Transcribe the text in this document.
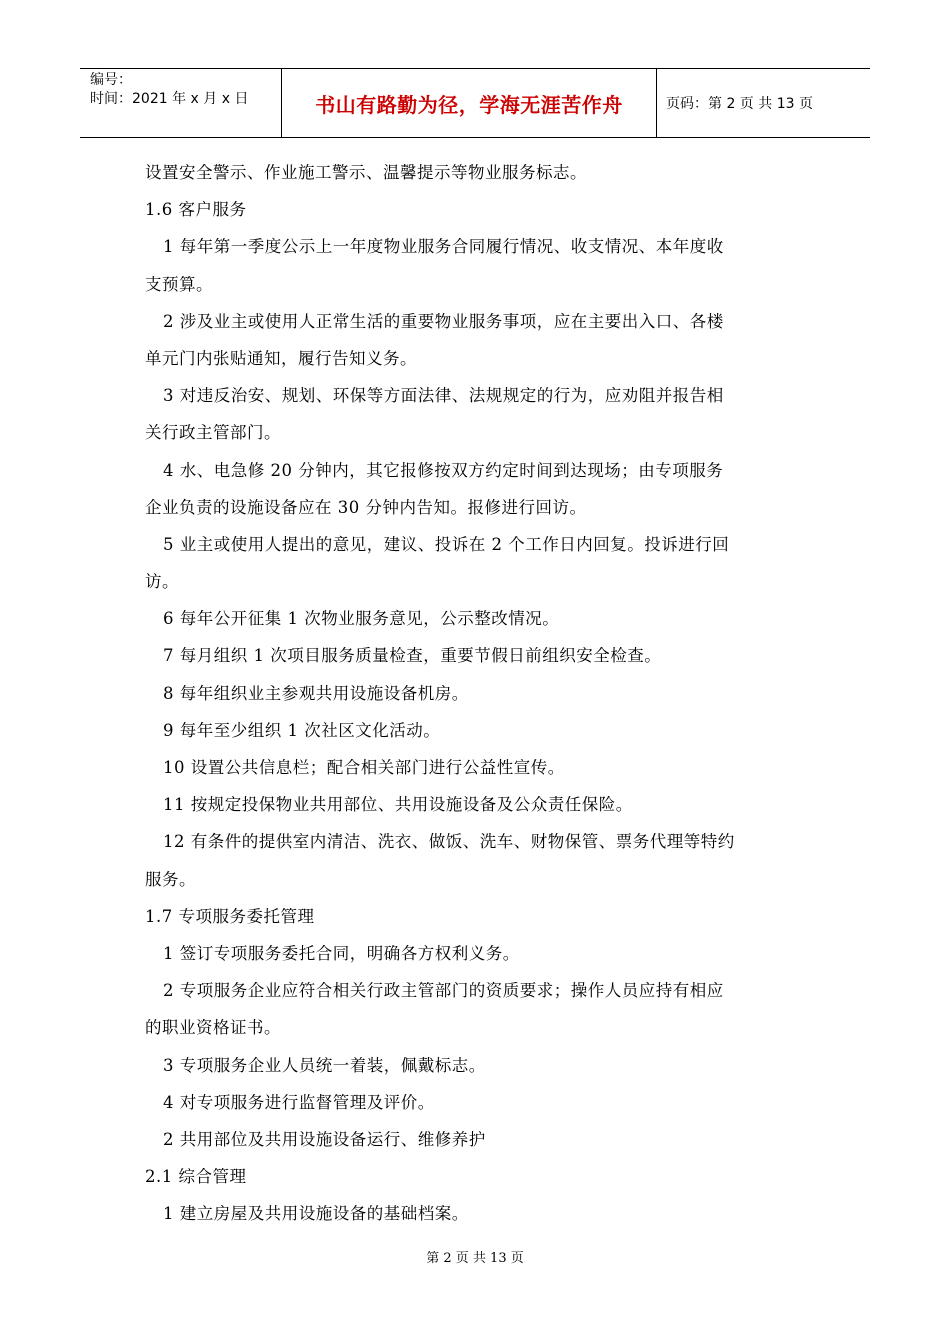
编号：
时间：2021 年 x 月 x 日	书山有路勤为径，学海无涯苦作舟	页码：第 2 页 共 13 页
设置安全警示、作业施工警示、温馨提示等物业服务标志。
1.6 客户服务
1 每年第一季度公示上一年度物业服务合同履行情况、收支情况、本年度收
支预算。
2 涉及业主或使用人正常生活的重要物业服务事项，应在主要出入口、各楼
单元门内张贴通知，履行告知义务。
3 对违反治安、规划、环保等方面法律、法规规定的行为，应劝阻并报告相
关行政主管部门。
4 水、电急修 20 分钟内，其它报修按双方约定时间到达现场；由专项服务
企业负责的设施设备应在 30 分钟内告知。报修进行回访。
5 业主或使用人提出的意见，建议、投诉在 2 个工作日内回复。投诉进行回
访。
6 每年公开征集 1 次物业服务意见，公示整改情况。
7 每月组织 1 次项目服务质量检查，重要节假日前组织安全检查。
8 每年组织业主参观共用设施设备机房。
9 每年至少组织 1 次社区文化活动。
10 设置公共信息栏；配合相关部门进行公益性宣传。
11 按规定投保物业共用部位、共用设施设备及公众责任保险。
12 有条件的提供室内清洁、洗衣、做饭、洗车、财物保管、票务代理等特约
服务。
1.7 专项服务委托管理
1 签订专项服务委托合同，明确各方权利义务。
2 专项服务企业应符合相关行政主管部门的资质要求；操作人员应持有相应
的职业资格证书。
3 专项服务企业人员统一着装，佩戴标志。
4 对专项服务进行监督管理及评价。
2 共用部位及共用设施设备运行、维修养护
2.1 综合管理
1 建立房屋及共用设施设备的基础档案。
第 2 页 共 13 页
